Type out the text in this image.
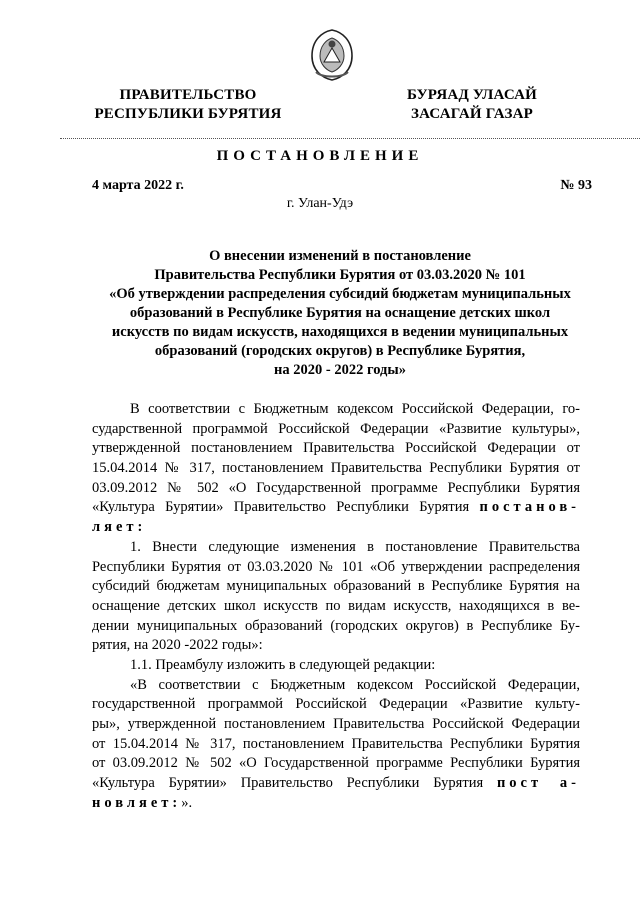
ПРАВИТЕЛЬСТВО
РЕСПУБЛИКИ БУРЯТИЯ
БУРЯАД УЛАСАЙ
ЗАСАГАЙ ГАЗАР
ПОСТАНОВЛЕНИЕ
4 марта 2022 г.	№ 93
г. Улан-Удэ
О внесении изменений в постановление
Правительства Республики Бурятия от 03.03.2020 № 101
«Об утверждении распределения субсидий бюджетам муниципальных
образований в Республике Бурятия на оснащение детских школ
искусств по видам искусств, находящихся в ведении муниципальных
образований (городских округов) в Республике Бурятия,
на 2020 - 2022 годы»
В соответствии с Бюджетным кодексом Российской Федерации, го-
сударственной программой Российской Федерации «Развитие культуры»,
утвержденной постановлением Правительства Российской Федерации от
15.04.2014 № 317, постановлением Правительства Республики Бурятия от
03.09.2012 № 502 «О Государственной программе Республики Бурятия
«Культура Бурятии» Правительство Республики Бурятия постанов-
ляет:
1. Внести следующие изменения в постановление Правительства
Республики Бурятия от 03.03.2020 № 101 «Об утверждении распределения
субсидий бюджетам муниципальных образований в Республике Бурятия на
оснащение детских школ искусств по видам искусств, находящихся в ве-
дении муниципальных образований (городских округов) в Республике Бу-
рятия, на 2020 -2022 годы»:
1.1. Преамбулу изложить в следующей редакции:
«В соответствии с Бюджетным кодексом Российской Федерации,
государственной программой Российской Федерации «Развитие культу-
ры», утвержденной постановлением Правительства Российской Федерации
от 15.04.2014 № 317, постановлением Правительства Республики Бурятия
от 03.09.2012 № 502 «О Государственной программе Республики Бурятия
«Культура Бурятии» Правительство Республики Бурятия пост а-
новляет:».
